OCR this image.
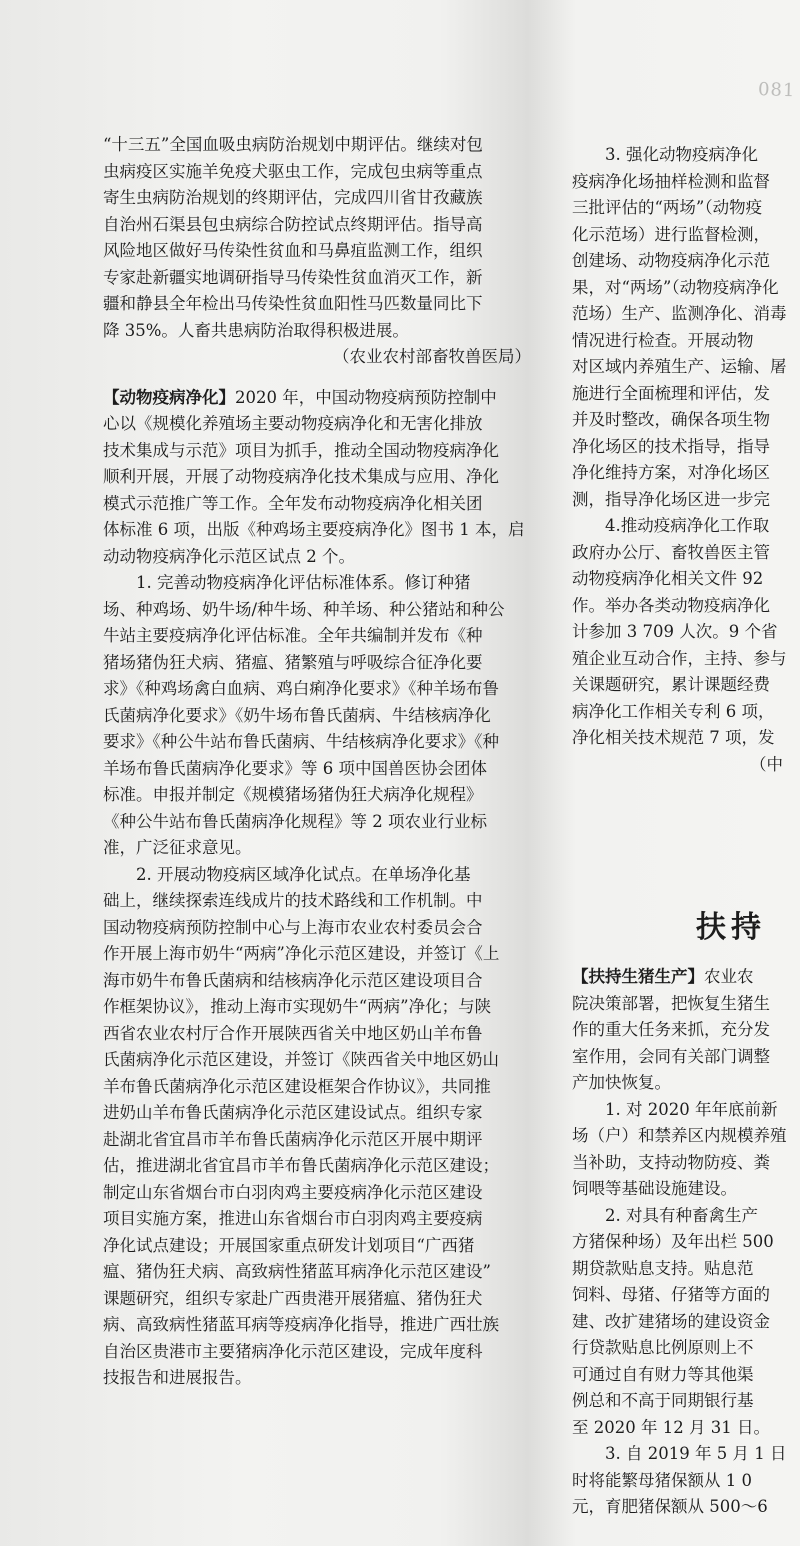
081
“十三五”全国血吸虫病防治规划中期评估。继续对包
虫病疫区实施羊免疫犬驱虫工作，完成包虫病等重点
寄生虫病防治规划的终期评估，完成四川省甘孜藏族
自治州石渠县包虫病综合防控试点终期评估。指导高
风险地区做好马传染性贫血和马鼻疽监测工作，组织
专家赴新疆实地调研指导马传染性贫血消灭工作，新
疆和静县全年检出马传染性贫血阳性马匹数量同比下
降 35%。人畜共患病防治取得积极进展。
（农业农村部畜牧兽医局）
【动物疫病净化】2020 年，中国动物疫病预防控制中
心以《规模化养殖场主要动物疫病净化和无害化排放
技术集成与示范》项目为抓手，推动全国动物疫病净化
顺利开展，开展了动物疫病净化技术集成与应用、净化
模式示范推广等工作。全年发布动物疫病净化相关团
体标准 6 项，出版《种鸡场主要疫病净化》图书 1 本，启
动动物疫病净化示范区试点 2 个。
1. 完善动物疫病净化评估标准体系。修订种猪
场、种鸡场、奶牛场/种牛场、种羊场、种公猪站和种公
牛站主要疫病净化评估标准。全年共编制并发布《种
猪场猪伪狂犬病、猪瘟、猪繁殖与呼吸综合征净化要
求》《种鸡场禽白血病、鸡白痢净化要求》《种羊场布鲁
氏菌病净化要求》《奶牛场布鲁氏菌病、牛结核病净化
要求》《种公牛站布鲁氏菌病、牛结核病净化要求》《种
羊场布鲁氏菌病净化要求》等 6 项中国兽医协会团体
标准。申报并制定《规模猪场猪伪狂犬病净化规程》
《种公牛站布鲁氏菌病净化规程》等 2 项农业行业标
准，广泛征求意见。
2. 开展动物疫病区域净化试点。在单场净化基
础上，继续探索连线成片的技术路线和工作机制。中
国动物疫病预防控制中心与上海市农业农村委员会合
作开展上海市奶牛“两病”净化示范区建设，并签订《上
海市奶牛布鲁氏菌病和结核病净化示范区建设项目合
作框架协议》，推动上海市实现奶牛“两病”净化；与陕
西省农业农村厅合作开展陕西省关中地区奶山羊布鲁
氏菌病净化示范区建设，并签订《陕西省关中地区奶山
羊布鲁氏菌病净化示范区建设框架合作协议》，共同推
进奶山羊布鲁氏菌病净化示范区建设试点。组织专家
赴湖北省宜昌市羊布鲁氏菌病净化示范区开展中期评
估，推进湖北省宜昌市羊布鲁氏菌病净化示范区建设；
制定山东省烟台市白羽肉鸡主要疫病净化示范区建设
项目实施方案，推进山东省烟台市白羽肉鸡主要疫病
净化试点建设；开展国家重点研发计划项目“广西猪
瘟、猪伪狂犬病、高致病性猪蓝耳病净化示范区建设”
课题研究，组织专家赴广西贵港开展猪瘟、猪伪狂犬
病、高致病性猪蓝耳病等疫病净化指导，推进广西壮族
自治区贵港市主要猪病净化示范区建设，完成年度科
技报告和进展报告。
3. 强化动物疫病净化
疫病净化场抽样检测和监督
三批评估的“两场”（动物疫
化示范场）进行监督检测，
创建场、动物疫病净化示范
果，对“两场”（动物疫病净化
范场）生产、监测净化、消毒
情况进行检查。开展动物
对区域内养殖生产、运输、屠
施进行全面梳理和评估，发
并及时整改，确保各项生物
净化场区的技术指导，指导
净化维持方案，对净化场区
测，指导净化场区进一步完
4.推动疫病净化工作取
政府办公厅、畜牧兽医主管
动物疫病净化相关文件 92
作。举办各类动物疫病净化
计参加 3 709 人次。9 个省
殖企业互动合作，主持、参与
关课题研究，累计课题经费
病净化工作相关专利 6 项，
净化相关技术规范 7 项，发
（中
扶持
【扶持生猪生产】农业农
院决策部署，把恢复生猪生
作的重大任务来抓，充分发
室作用，会同有关部门调整
产加快恢复。
1. 对 2020 年年底前新
场（户）和禁养区内规模养殖
当补助，支持动物防疫、粪
饲喂等基础设施建设。
2. 对具有种畜禽生产
方猪保种场）及年出栏 500
期贷款贴息支持。贴息范
饲料、母猪、仔猪等方面的
建、改扩建猪场的建设资金
行贷款贴息比例原则上不
可通过自有财力等其他渠
例总和不高于同期银行基
至 2020 年 12 月 31 日。
3. 自 2019 年 5 月 1 日
时将能繁母猪保额从 1 0
元，育肥猪保额从 500～6
